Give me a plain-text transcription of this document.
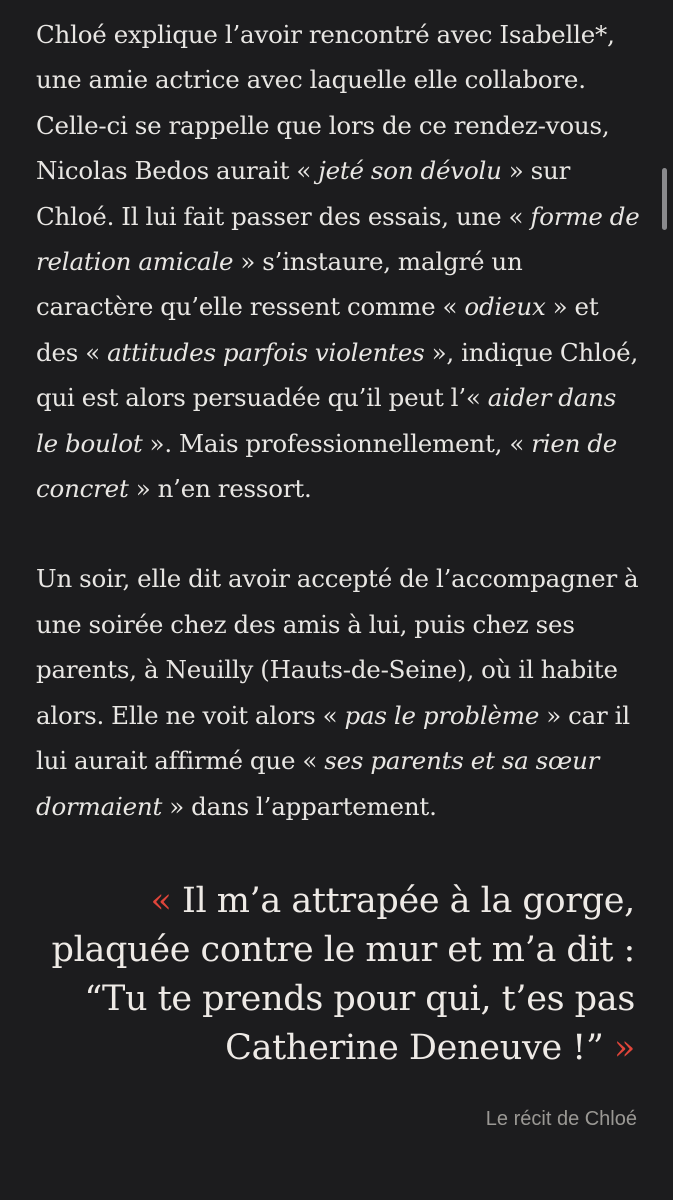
Chloé explique l’avoir rencontré avec Isabelle*, une amie actrice avec laquelle elle collabore. Celle-ci se rappelle que lors de ce rendez-vous, Nicolas Bedos aurait « jeté son dévolu » sur Chloé. Il lui fait passer des essais, une « forme de relation amicale » s’instaure, malgré un caractère qu’elle ressent comme « odieux » et des « attitudes parfois violentes », indique Chloé, qui est alors persuadée qu’il peut l’« aider dans le boulot ». Mais professionnellement, « rien de concret » n’en ressort.

Un soir, elle dit avoir accepté de l’accompagner à une soirée chez des amis à lui, puis chez ses parents, à Neuilly (Hauts-de-Seine), où il habite alors. Elle ne voit alors « pas le problème » car il lui aurait affirmé que « ses parents et sa sœur dormaient » dans l’appartement.

« Il m’a attrapée à la gorge, plaquée contre le mur et m’a dit : “Tu te prends pour qui, t’es pas Catherine Deneuve !” »
Le récit de Chloé
